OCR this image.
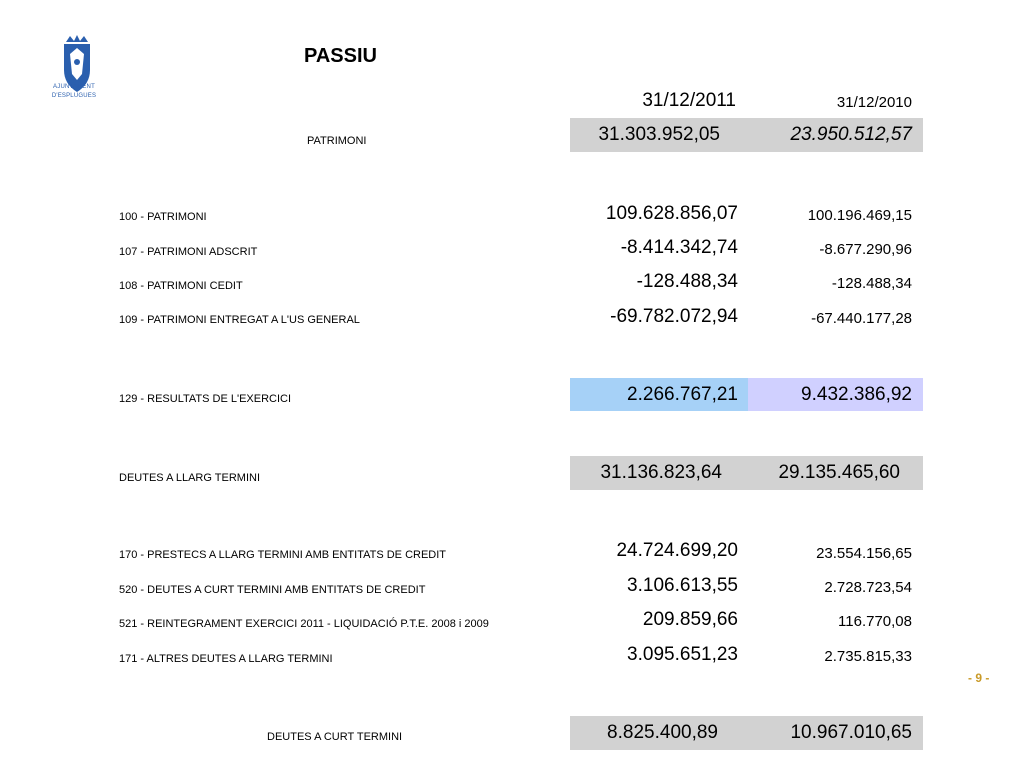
AJUNTAMENT
D'ESPLUGUES
PASSIU
31/12/2011	31/12/2010
PATRIMONI	31.303.952,05	23.950.512,57
100 - PATRIMONI	109.628.856,07	100.196.469,15
107 - PATRIMONI ADSCRIT	-8.414.342,74	-8.677.290,96
108 - PATRIMONI CEDIT	-128.488,34	-128.488,34
109 - PATRIMONI ENTREGAT A L'US GENERAL	-69.782.072,94	-67.440.177,28
129 - RESULTATS DE L'EXERCICI	2.266.767,21	9.432.386,92
DEUTES A LLARG TERMINI	31.136.823,64	29.135.465,60
170 - PRESTECS A LLARG TERMINI AMB ENTITATS DE CREDIT	24.724.699,20	23.554.156,65
520 - DEUTES A CURT TERMINI AMB ENTITATS DE CREDIT	3.106.613,55	2.728.723,54
521 - REINTEGRAMENT EXERCICI 2011 - LIQUIDACIÓ P.T.E. 2008 i 2009	209.859,66	116.770,08
171 - ALTRES DEUTES A LLARG TERMINI	3.095.651,23	2.735.815,33
- 9 -
DEUTES A CURT TERMINI	8.825.400,89	10.967.010,65
